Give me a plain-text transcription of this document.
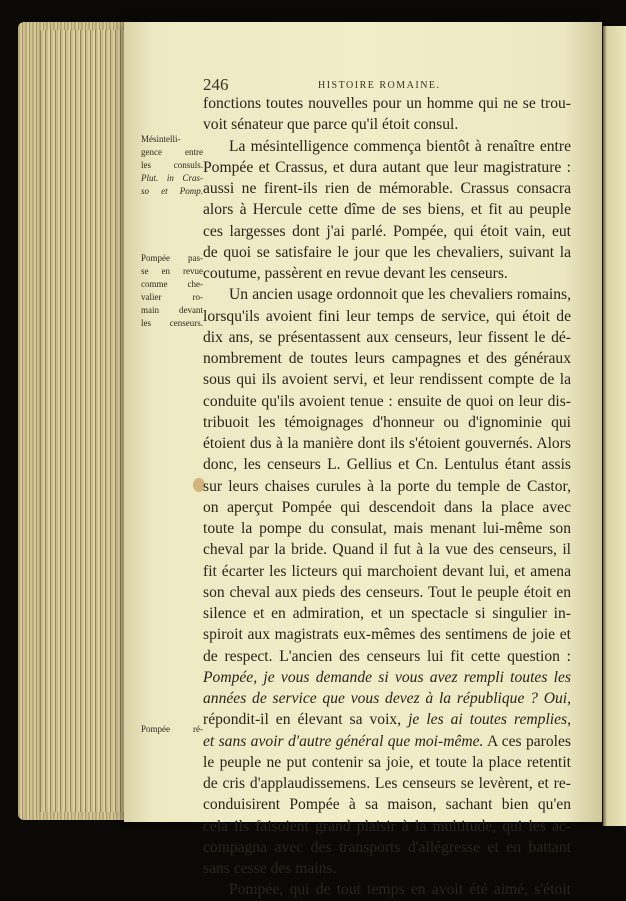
246	HISTOIRE ROMAINE.
fonctions toutes nouvelles pour un homme qui ne se trou-
voit sénateur que parce qu'il étoit consul.
La mésintelligence commença bientôt à renaître entre
Pompée et Crassus, et dura autant que leur magistrature :
aussi ne firent-ils rien de mémorable. Crassus consacra
alors à Hercule cette dîme de ses biens, et fit au peuple
ces largesses dont j'ai parlé. Pompée, qui étoit vain, eut
de quoi se satisfaire le jour que les chevaliers, suivant la
coutume, passèrent en revue devant les censeurs.
Un ancien usage ordonnoit que les chevaliers romains,
lorsqu'ils avoient fini leur temps de service, qui étoit de
dix ans, se présentassent aux censeurs, leur fissent le dé-
nombrement de toutes leurs campagnes et des généraux
sous qui ils avoient servi, et leur rendissent compte de la
conduite qu'ils avoient tenue : ensuite de quoi on leur dis-
tribuoit les témoignages d'honneur ou d'ignominie qui
étoient dus à la manière dont ils s'étoient gouvernés. Alors
donc, les censeurs L. Gellius et Cn. Lentulus étant assis
sur leurs chaises curules à la porte du temple de Castor,
on aperçut Pompée qui descendoit dans la place avec
toute la pompe du consulat, mais menant lui-même son
cheval par la bride. Quand il fut à la vue des censeurs, il
fit écarter les licteurs qui marchoient devant lui, et amena
son cheval aux pieds des censeurs. Tout le peuple étoit en
silence et en admiration, et un spectacle si singulier in-
spiroit aux magistrats eux-mêmes des sentimens de joie et
de respect. L'ancien des censeurs lui fit cette question :
Pompée, je vous demande si vous avez rempli toutes les
années de service que vous devez à la république ? Oui,
répondit-il en élevant sa voix, je les ai toutes remplies,
et sans avoir d'autre général que moi-même. A ces paroles
le peuple ne put contenir sa joie, et toute la place retentit
de cris d'applaudissemens. Les censeurs se levèrent, et re-
conduisirent Pompée à sa maison, sachant bien qu'en
cela ils faisoient grand plaisir à la multitude, qui les ac-
compagna avec des transports d'allégresse et en battant
sans cesse des mains.
Pompée, qui de tout temps en avoit été aimé, s'étoit
Mésintelli-
gence entre
les consuls.
Plut. in Cras-
so et Pomp.
Pompée pas-
se en revue
comme che-
valier ro-
main devant
les censeurs.
Pompée ré-
